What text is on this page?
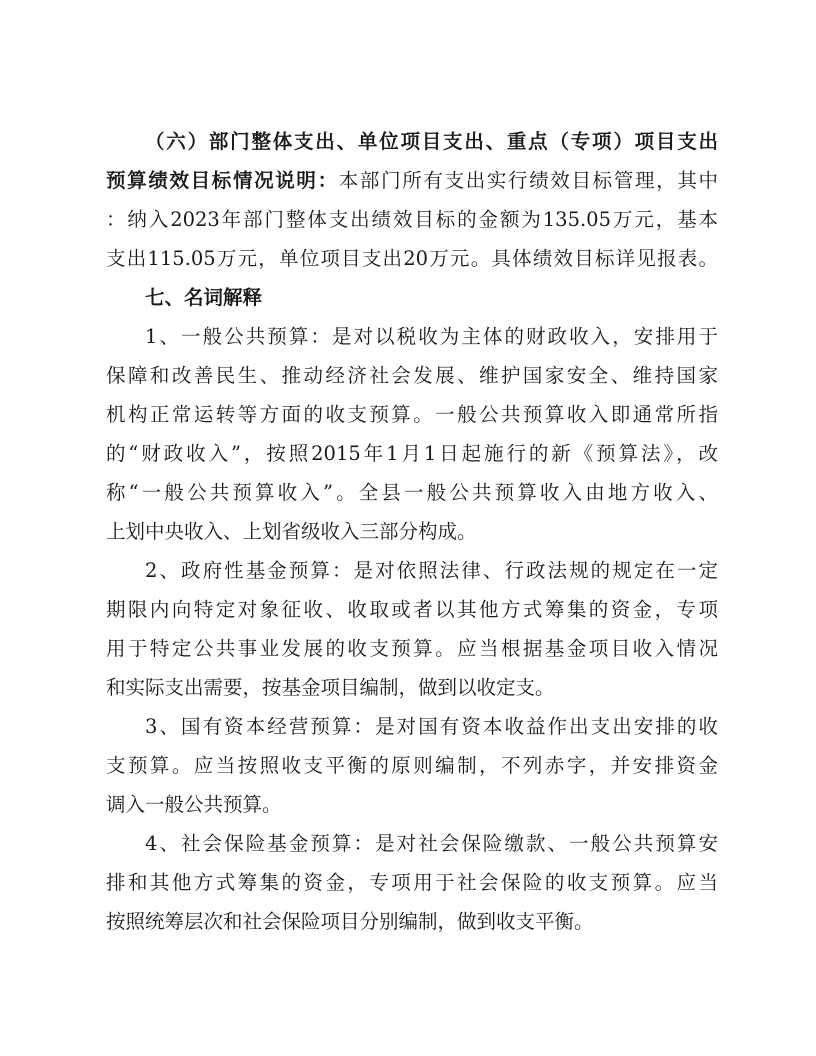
（六）部门整体支出、单位项目支出、重点（专项）项目支出
预算绩效目标情况说明：本部门所有支出实行绩效目标管理，其中
：纳入2023年部门整体支出绩效目标的金额为135.05万元，基本
支出115.05万元，单位项目支出20万元。具体绩效目标详见报表。
七、名词解释
1、一般公共预算：是对以税收为主体的财政收入，安排用于
保障和改善民生、推动经济社会发展、维护国家安全、维持国家
机构正常运转等方面的收支预算。一般公共预算收入即通常所指
的“财政收入”，按照2015年1月1日起施行的新《预算法》，改
称“一般公共预算收入”。全县一般公共预算收入由地方收入、
上划中央收入、上划省级收入三部分构成。
2、政府性基金预算：是对依照法律、行政法规的规定在一定
期限内向特定对象征收、收取或者以其他方式筹集的资金，专项
用于特定公共事业发展的收支预算。应当根据基金项目收入情况
和实际支出需要，按基金项目编制，做到以收定支。
3、国有资本经营预算：是对国有资本收益作出支出安排的收
支预算。应当按照收支平衡的原则编制，不列赤字，并安排资金
调入一般公共预算。
4、社会保险基金预算：是对社会保险缴款、一般公共预算安
排和其他方式筹集的资金，专项用于社会保险的收支预算。应当
按照统筹层次和社会保险项目分别编制，做到收支平衡。
